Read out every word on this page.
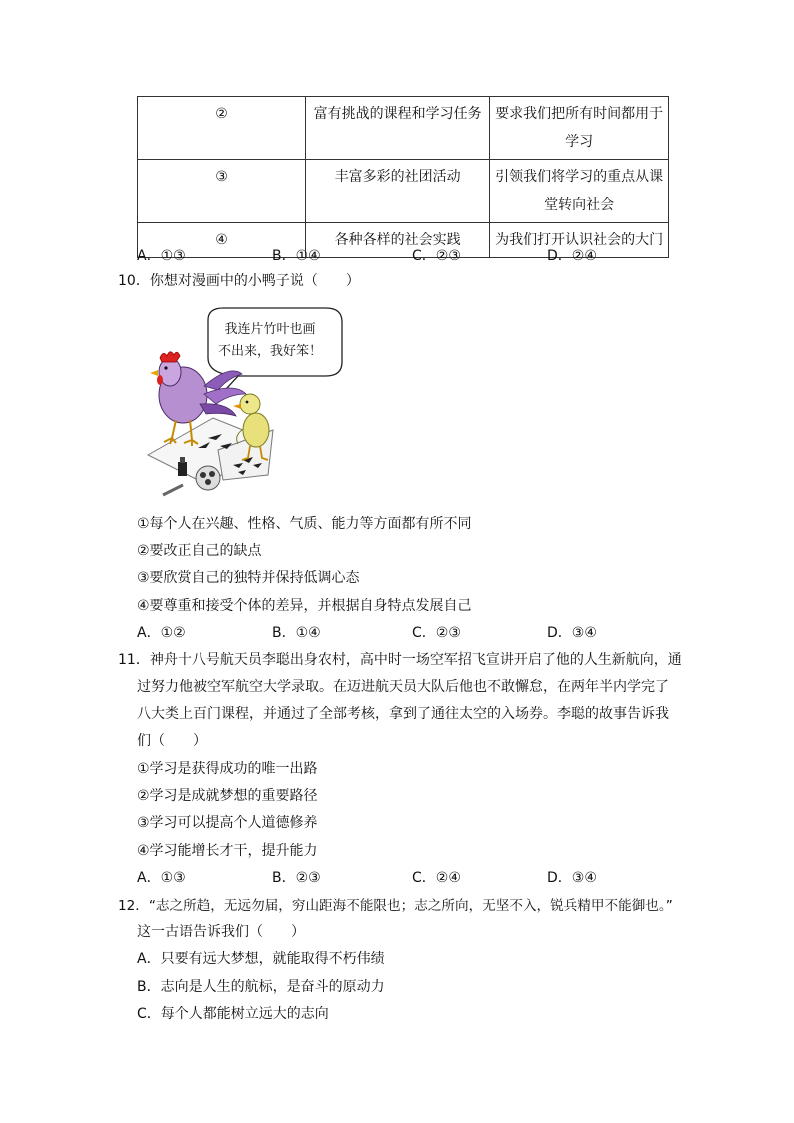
②	富有挑战的课程和学习任务	要求我们把所有时间都用于学习
③	丰富多彩的社团活动	引领我们将学习的重点从课堂转向社会
④	各种各样的社会实践	为我们打开认识社会的大门
A．①③	B．①④	C．②③	D．②④
10．你想对漫画中的小鸭子说（　　）
我连片竹叶也画
不出来，我好笨！
①每个人在兴趣、性格、气质、能力等方面都有所不同
②要改正自己的缺点
③要欣赏自己的独特并保持低调心态
④要尊重和接受个体的差异，并根据自身特点发展自己
A．①②	B．①④	C．②③	D．③④
11．神舟十八号航天员李聪出身农村，高中时一场空军招飞宣讲开启了他的人生新航向，通
过努力他被空军航空大学录取。在迈进航天员大队后他也不敢懈怠，在两年半内学完了
八大类上百门课程，并通过了全部考核，拿到了通往太空的入场券。李聪的故事告诉我
们（　　）
①学习是获得成功的唯一出路
②学习是成就梦想的重要路径
③学习可以提高个人道德修养
④学习能增长才干，提升能力
A．①③	B．②③	C．②④	D．③④
12．“志之所趋，无远勿届，穷山距海不能限也；志之所向，无坚不入，锐兵精甲不能御也。”
这一古语告诉我们（　　）
A．只要有远大梦想，就能取得不朽伟绩
B．志向是人生的航标，是奋斗的原动力
C．每个人都能树立远大的志向
